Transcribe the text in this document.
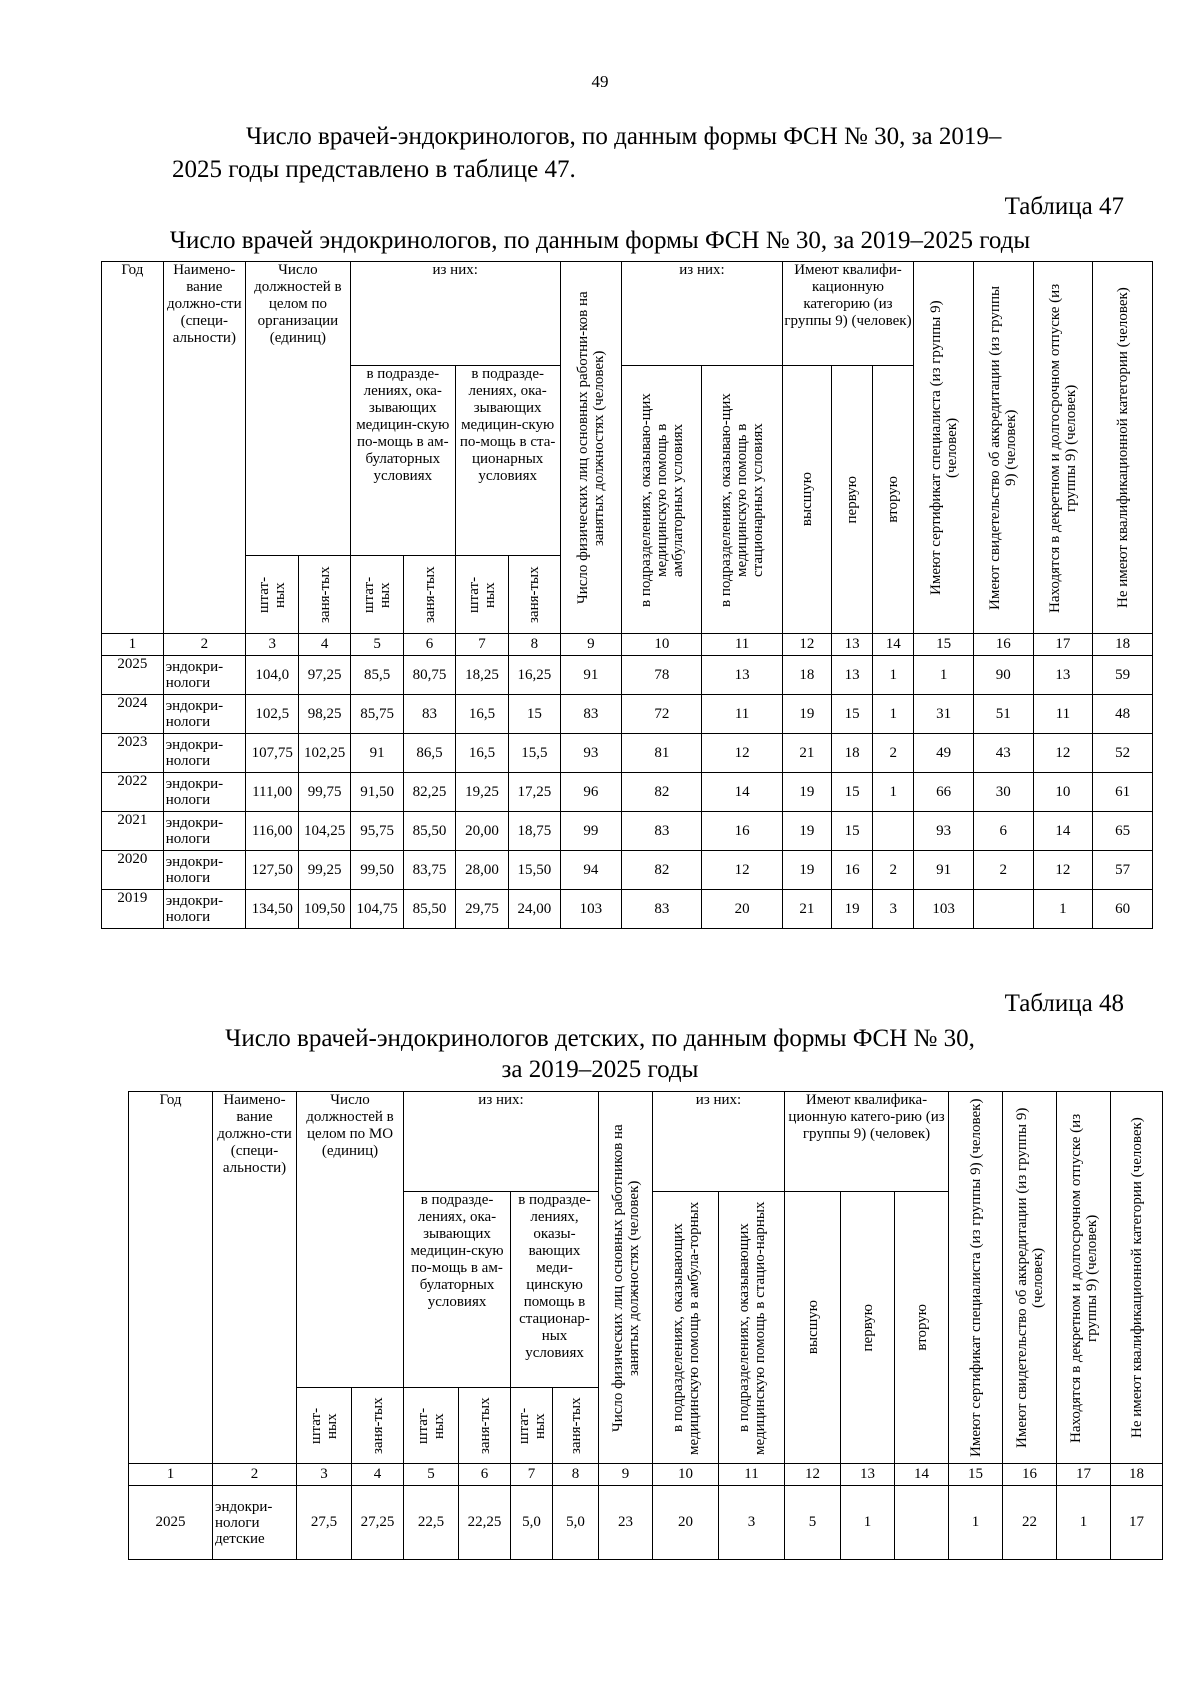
49
Число врачей-эндокринологов, по данным формы ФСН № 30, за 2019–
2025 годы представлено в таблице 47.
Таблица 47
Число врачей эндокринологов, по данным формы ФСН № 30, за 2019–2025 годы
Год	Наимено-вание должно-сти (специ-альности)	Число должностей в целом по организации (единиц)		из них:				Число физических лиц основных работни-ков на занятых должностях (человек)	из них:		Имеют квалифи-кационную категорию (из группы 9) (человек)			Имеют сертификат специалиста (из группы 9) (человек)	Имеют свидетельство об аккредитации (из группы 9) (человек)	Находятся в декретном и долгосрочном отпуске (из группы 9) (человек)	Не имеют квалификационной категории (человек)

				в подразде-лениях, ока-зывающих медицин-скую по-мощь в ам-булаторных условиях		в подразде-лениях, ока-зывающих медицин-скую по-мощь в ста-ционарных условиях			в подразделениях, оказываю-щих медицинскую помощь в амбулаторных условиях	в подразделениях, оказываю-щих медицинскую помощь в стационарных условиях	высшую	первую	вторую				

		штат-ных	заня-тых	штат-ных	заня-тых	штат-ных	заня-тых										

1	2	3	4	5	6	7	8	9	10	11	12	13	14	15	16	17	18
2025	эндокри-нологи	104,0	97,25	85,5	80,75	18,25	16,25	91	78	13	18	13	1	1	90	13	59
2024	эндокри-нологи	102,5	98,25	85,75	83	16,5	15	83	72	11	19	15	1	31	51	11	48
2023	эндокри-нологи	107,75	102,25	91	86,5	16,5	15,5	93	81	12	21	18	2	49	43	12	52
2022	эндокри-нологи	111,00	99,75	91,50	82,25	19,25	17,25	96	82	14	19	15	1	66	30	10	61
2021	эндокри-нологи	116,00	104,25	95,75	85,50	20,00	18,75	99	83	16	19	15		93	6	14	65
2020	эндокри-нологи	127,50	99,25	99,50	83,75	28,00	15,50	94	82	12	19	16	2	91	2	12	57
2019	эндокри-нологи	134,50	109,50	104,75	85,50	29,75	24,00	103	83	20	21	19	3	103		1	60
Таблица 48
Число врачей-эндокринологов детских, по данным формы ФСН № 30,
за 2019–2025 годы
Год	Наимено-вание должно-сти (специ-альности)	Число должностей в целом по МО (единиц)		из них:				Число физических лиц основных работников на занятых должностях (человек)	из них:		Имеют квалифика-ционную катего-рию (из группы 9) (человек)			Имеют сертификат специалиста (из группы 9) (человек)	Имеют свидетельство об аккредитации (из группы 9) (человек)	Находятся в декретном и долгосрочном отпуске (из группы 9) (человек)	Не имеют квалификационной категории (человек)

				в подразде-лениях, ока-зывающих медицин-скую по-мощь в ам-булаторных условиях		в подразде-лениях, оказы-вающих меди-цинскую помощь в стационар-ных условиях			в подразделениях, оказывающих медицинскую помощь в амбула-торных	в подразделениях, оказывающих медицинскую помощь в стацио-нарных	высшую	первую	вторую				

		штат-ных	заня-тых	штат-ных	заня-тых	штат-ных	заня-тых										

1	2	3	4	5	6	7	8	9	10	11	12	13	14	15	16	17	18
2025	эндокри-нологи детские	27,5	27,25	22,5	22,25	5,0	5,0	23	20	3	5	1		1	22	1	17
